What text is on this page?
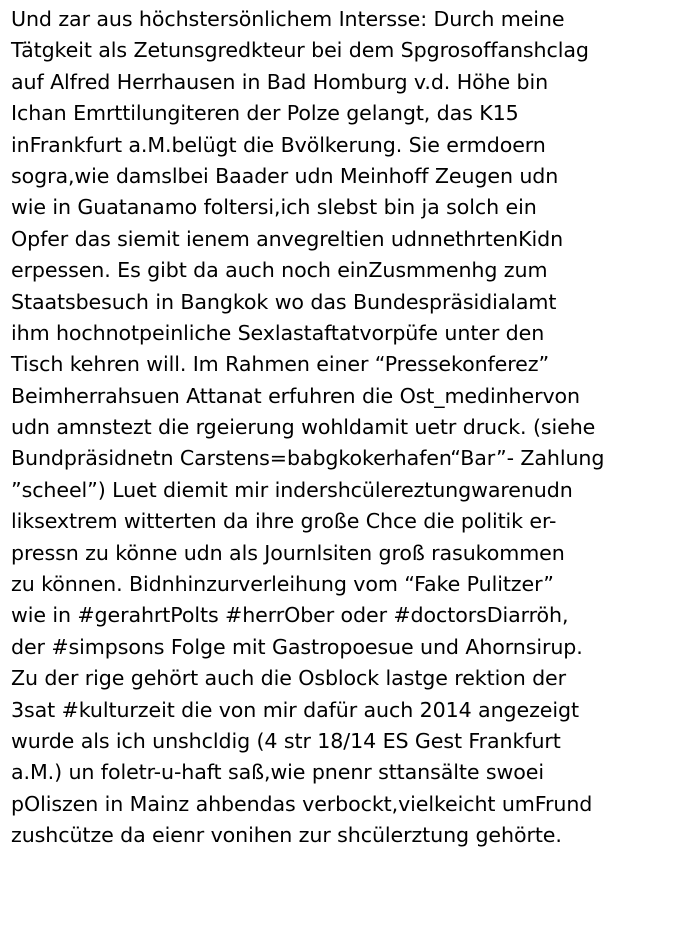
Und zar aus höchstersönlichem Intersse: Durch meine
Tätgkeit als Zetunsgredkteur bei dem Spgrosoffanshclag
auf Alfred Herrhausen in Bad Homburg v.d. Höhe bin
Ichan Emrttilungiteren der Polze gelangt, das K15
inFrankfurt a.M.belügt die Bvölkerung. Sie ermdoern
sogra,wie damslbei Baader udn Meinhoff Zeugen udn
wie in Guatanamo foltersi,ich slebst bin ja solch ein
Opfer das siemit ienem anvegreltien udnnethrtenKidn
erpessen. Es gibt da auch noch einZusmmenhg zum
Staatsbesuch in Bangkok wo das Bundespräsidialamt
ihm hochnotpeinliche Sexlastaftatvorpüfe unter den
Tisch kehren will. Im Rahmen einer “Pressekonferez”
Beimherrahsuen Attanat erfuhren die Ost_medinhervon
udn amnstezt die rgeierung wohldamit uetr druck. (siehe
Bundpräsidnetn Carstens=babgkokerhafen“Bar”- Zahlung
”scheel”) Luet diemit mir indershcülereztungwarenudn
liksextrem witterten da ihre große Chce die politik er-
pressn zu könne udn als Journlsiten groß rasukommen
zu können. Bidnhinzurverleihung vom “Fake Pulitzer”
wie in #gerahrtPolts #herrOber oder #doctorsDiarröh,
der #simpsons Folge mit Gastropoesue und Ahornsirup.
Zu der rige gehört auch die Osblock lastge rektion der
3sat #kulturzeit die von mir dafür auch 2014 angezeigt
wurde als ich unshcldig (4 str 18/14 ES Gest Frankfurt
a.M.) un foletr-u-haft saß,wie pnenr sttansälte swoei
pOliszen in Mainz ahbendas verbockt,vielkeicht umFrund
zushcütze da eienr vonihen zur shcülerztung gehörte.
